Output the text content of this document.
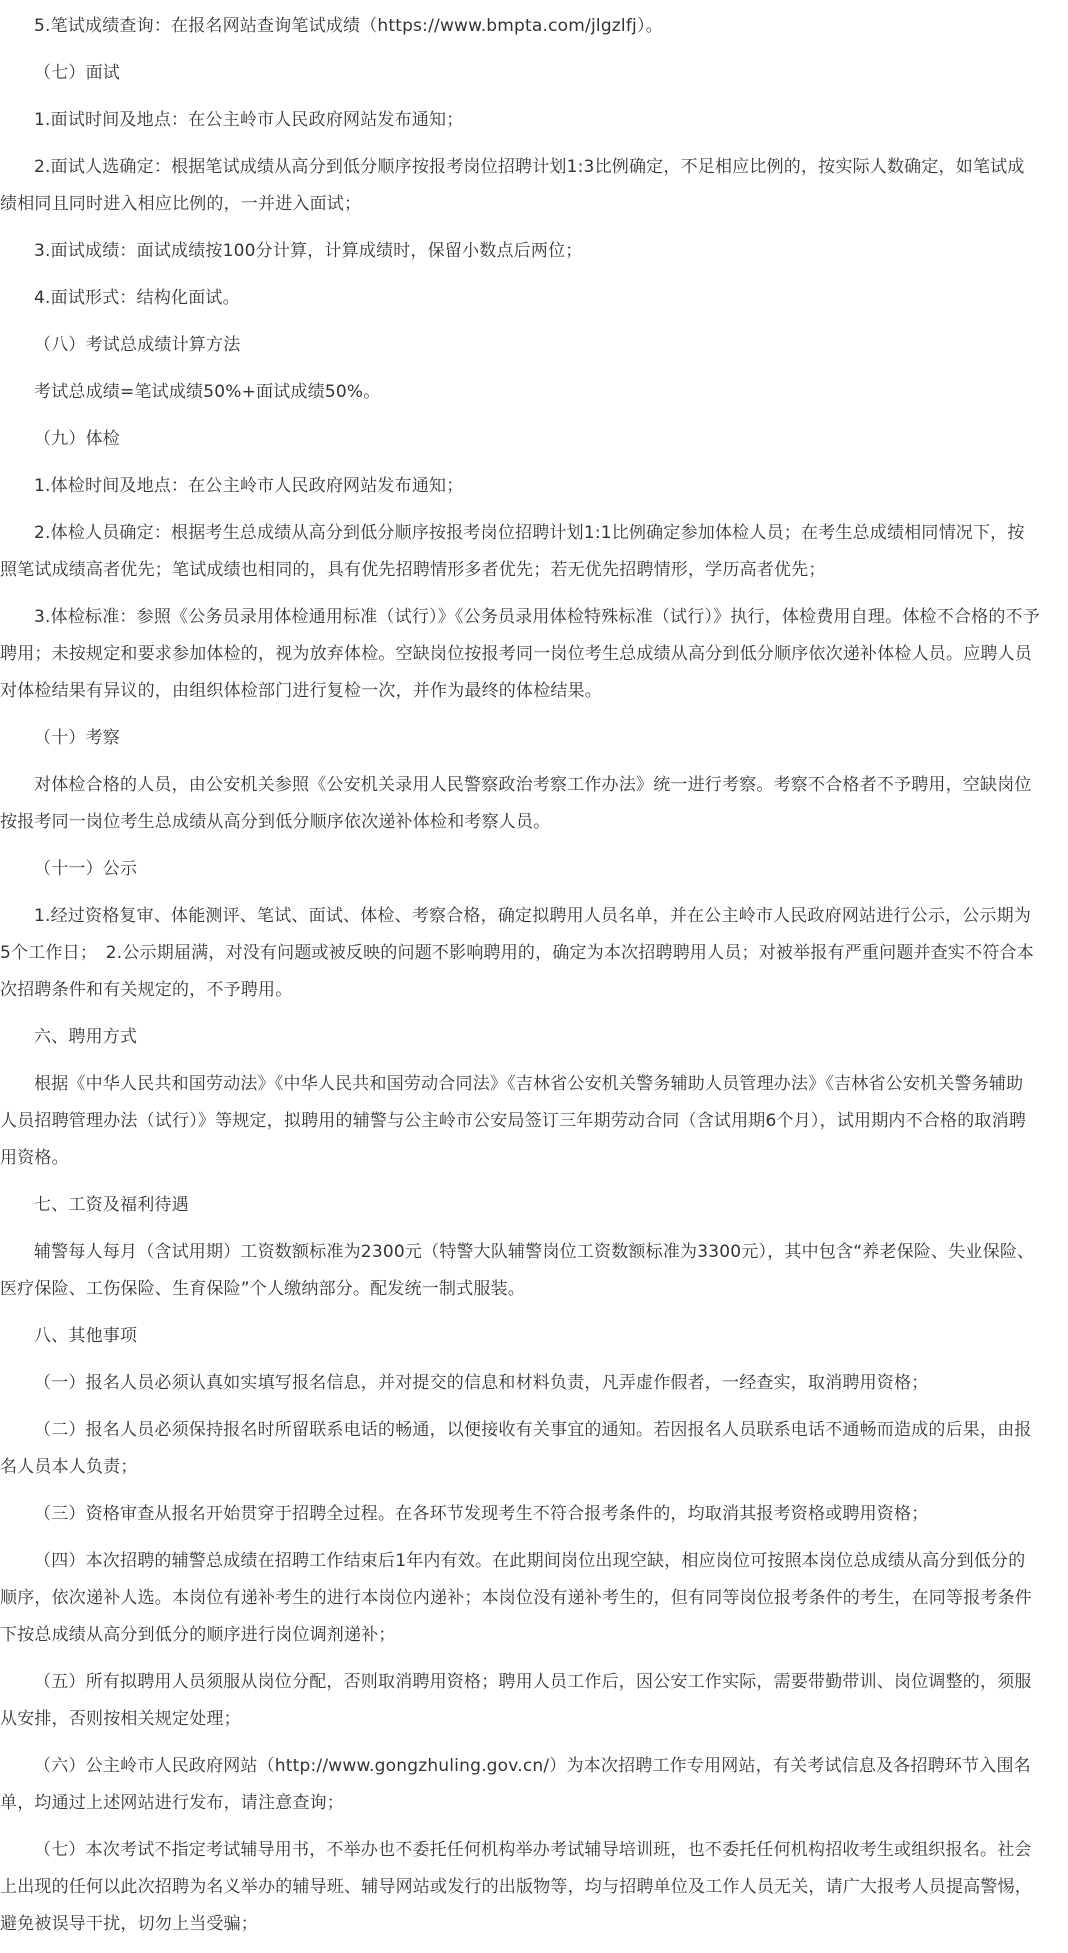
5.笔试成绩查询：在报名网站查询笔试成绩（https://www.bmpta.com/jlgzlfj）。

（七）面试

1.面试时间及地点：在公主岭市人民政府网站发布通知；

2.面试人选确定：根据笔试成绩从高分到低分顺序按报考岗位招聘计划1:3比例确定，不足相应比例的，按实际人数确定，如笔试成绩相同且同时进入相应比例的，一并进入面试；

3.面试成绩：面试成绩按100分计算，计算成绩时，保留小数点后两位；

4.面试形式：结构化面试。

（八）考试总成绩计算方法

考试总成绩=笔试成绩50%+面试成绩50%。

（九）体检

1.体检时间及地点：在公主岭市人民政府网站发布通知；

2.体检人员确定：根据考生总成绩从高分到低分顺序按报考岗位招聘计划1:1比例确定参加体检人员；在考生总成绩相同情况下，按照笔试成绩高者优先；笔试成绩也相同的，具有优先招聘情形多者优先；若无优先招聘情形，学历高者优先；

3.体检标准：参照《公务员录用体检通用标准（试行）》《公务员录用体检特殊标准（试行）》执行，体检费用自理。体检不合格的不予聘用；未按规定和要求参加体检的，视为放弃体检。空缺岗位按报考同一岗位考生总成绩从高分到低分顺序依次递补体检人员。应聘人员对体检结果有异议的，由组织体检部门进行复检一次，并作为最终的体检结果。

（十）考察

对体检合格的人员，由公安机关参照《公安机关录用人民警察政治考察工作办法》统一进行考察。考察不合格者不予聘用，空缺岗位按报考同一岗位考生总成绩从高分到低分顺序依次递补体检和考察人员。

（十一）公示

1.经过资格复审、体能测评、笔试、面试、体检、考察合格，确定拟聘用人员名单，并在公主岭市人民政府网站进行公示，公示期为5个工作日；　2.公示期届满，对没有问题或被反映的问题不影响聘用的，确定为本次招聘聘用人员；对被举报有严重问题并查实不符合本次招聘条件和有关规定的，不予聘用。

六、聘用方式

根据《中华人民共和国劳动法》《中华人民共和国劳动合同法》《吉林省公安机关警务辅助人员管理办法》《吉林省公安机关警务辅助人员招聘管理办法（试行）》等规定，拟聘用的辅警与公主岭市公安局签订三年期劳动合同（含试用期6个月），试用期内不合格的取消聘用资格。

七、工资及福利待遇

辅警每人每月（含试用期）工资数额标准为2300元（特警大队辅警岗位工资数额标准为3300元），其中包含“养老保险、失业保险、医疗保险、工伤保险、生育保险”个人缴纳部分。配发统一制式服装。

八、其他事项

（一）报名人员必须认真如实填写报名信息，并对提交的信息和材料负责，凡弄虚作假者，一经查实，取消聘用资格；

（二）报名人员必须保持报名时所留联系电话的畅通，以便接收有关事宜的通知。若因报名人员联系电话不通畅而造成的后果，由报名人员本人负责；

（三）资格审查从报名开始贯穿于招聘全过程。在各环节发现考生不符合报考条件的，均取消其报考资格或聘用资格；

（四）本次招聘的辅警总成绩在招聘工作结束后1年内有效。在此期间岗位出现空缺，相应岗位可按照本岗位总成绩从高分到低分的顺序，依次递补人选。本岗位有递补考生的进行本岗位内递补；本岗位没有递补考生的，但有同等岗位报考条件的考生，在同等报考条件下按总成绩从高分到低分的顺序进行岗位调剂递补；

（五）所有拟聘用人员须服从岗位分配，否则取消聘用资格；聘用人员工作后，因公安工作实际，需要带勤带训、岗位调整的，须服从安排，否则按相关规定处理；

（六）公主岭市人民政府网站（http://www.gongzhuling.gov.cn/）为本次招聘工作专用网站，有关考试信息及各招聘环节入围名单，均通过上述网站进行发布，请注意查询；

（七）本次考试不指定考试辅导用书，不举办也不委托任何机构举办考试辅导培训班，也不委托任何机构招收考生或组织报名。社会上出现的任何以此次招聘为名义举办的辅导班、辅导网站或发行的出版物等，均与招聘单位及工作人员无关，请广大报考人员提高警惕，避免被误导干扰，切勿上当受骗；
